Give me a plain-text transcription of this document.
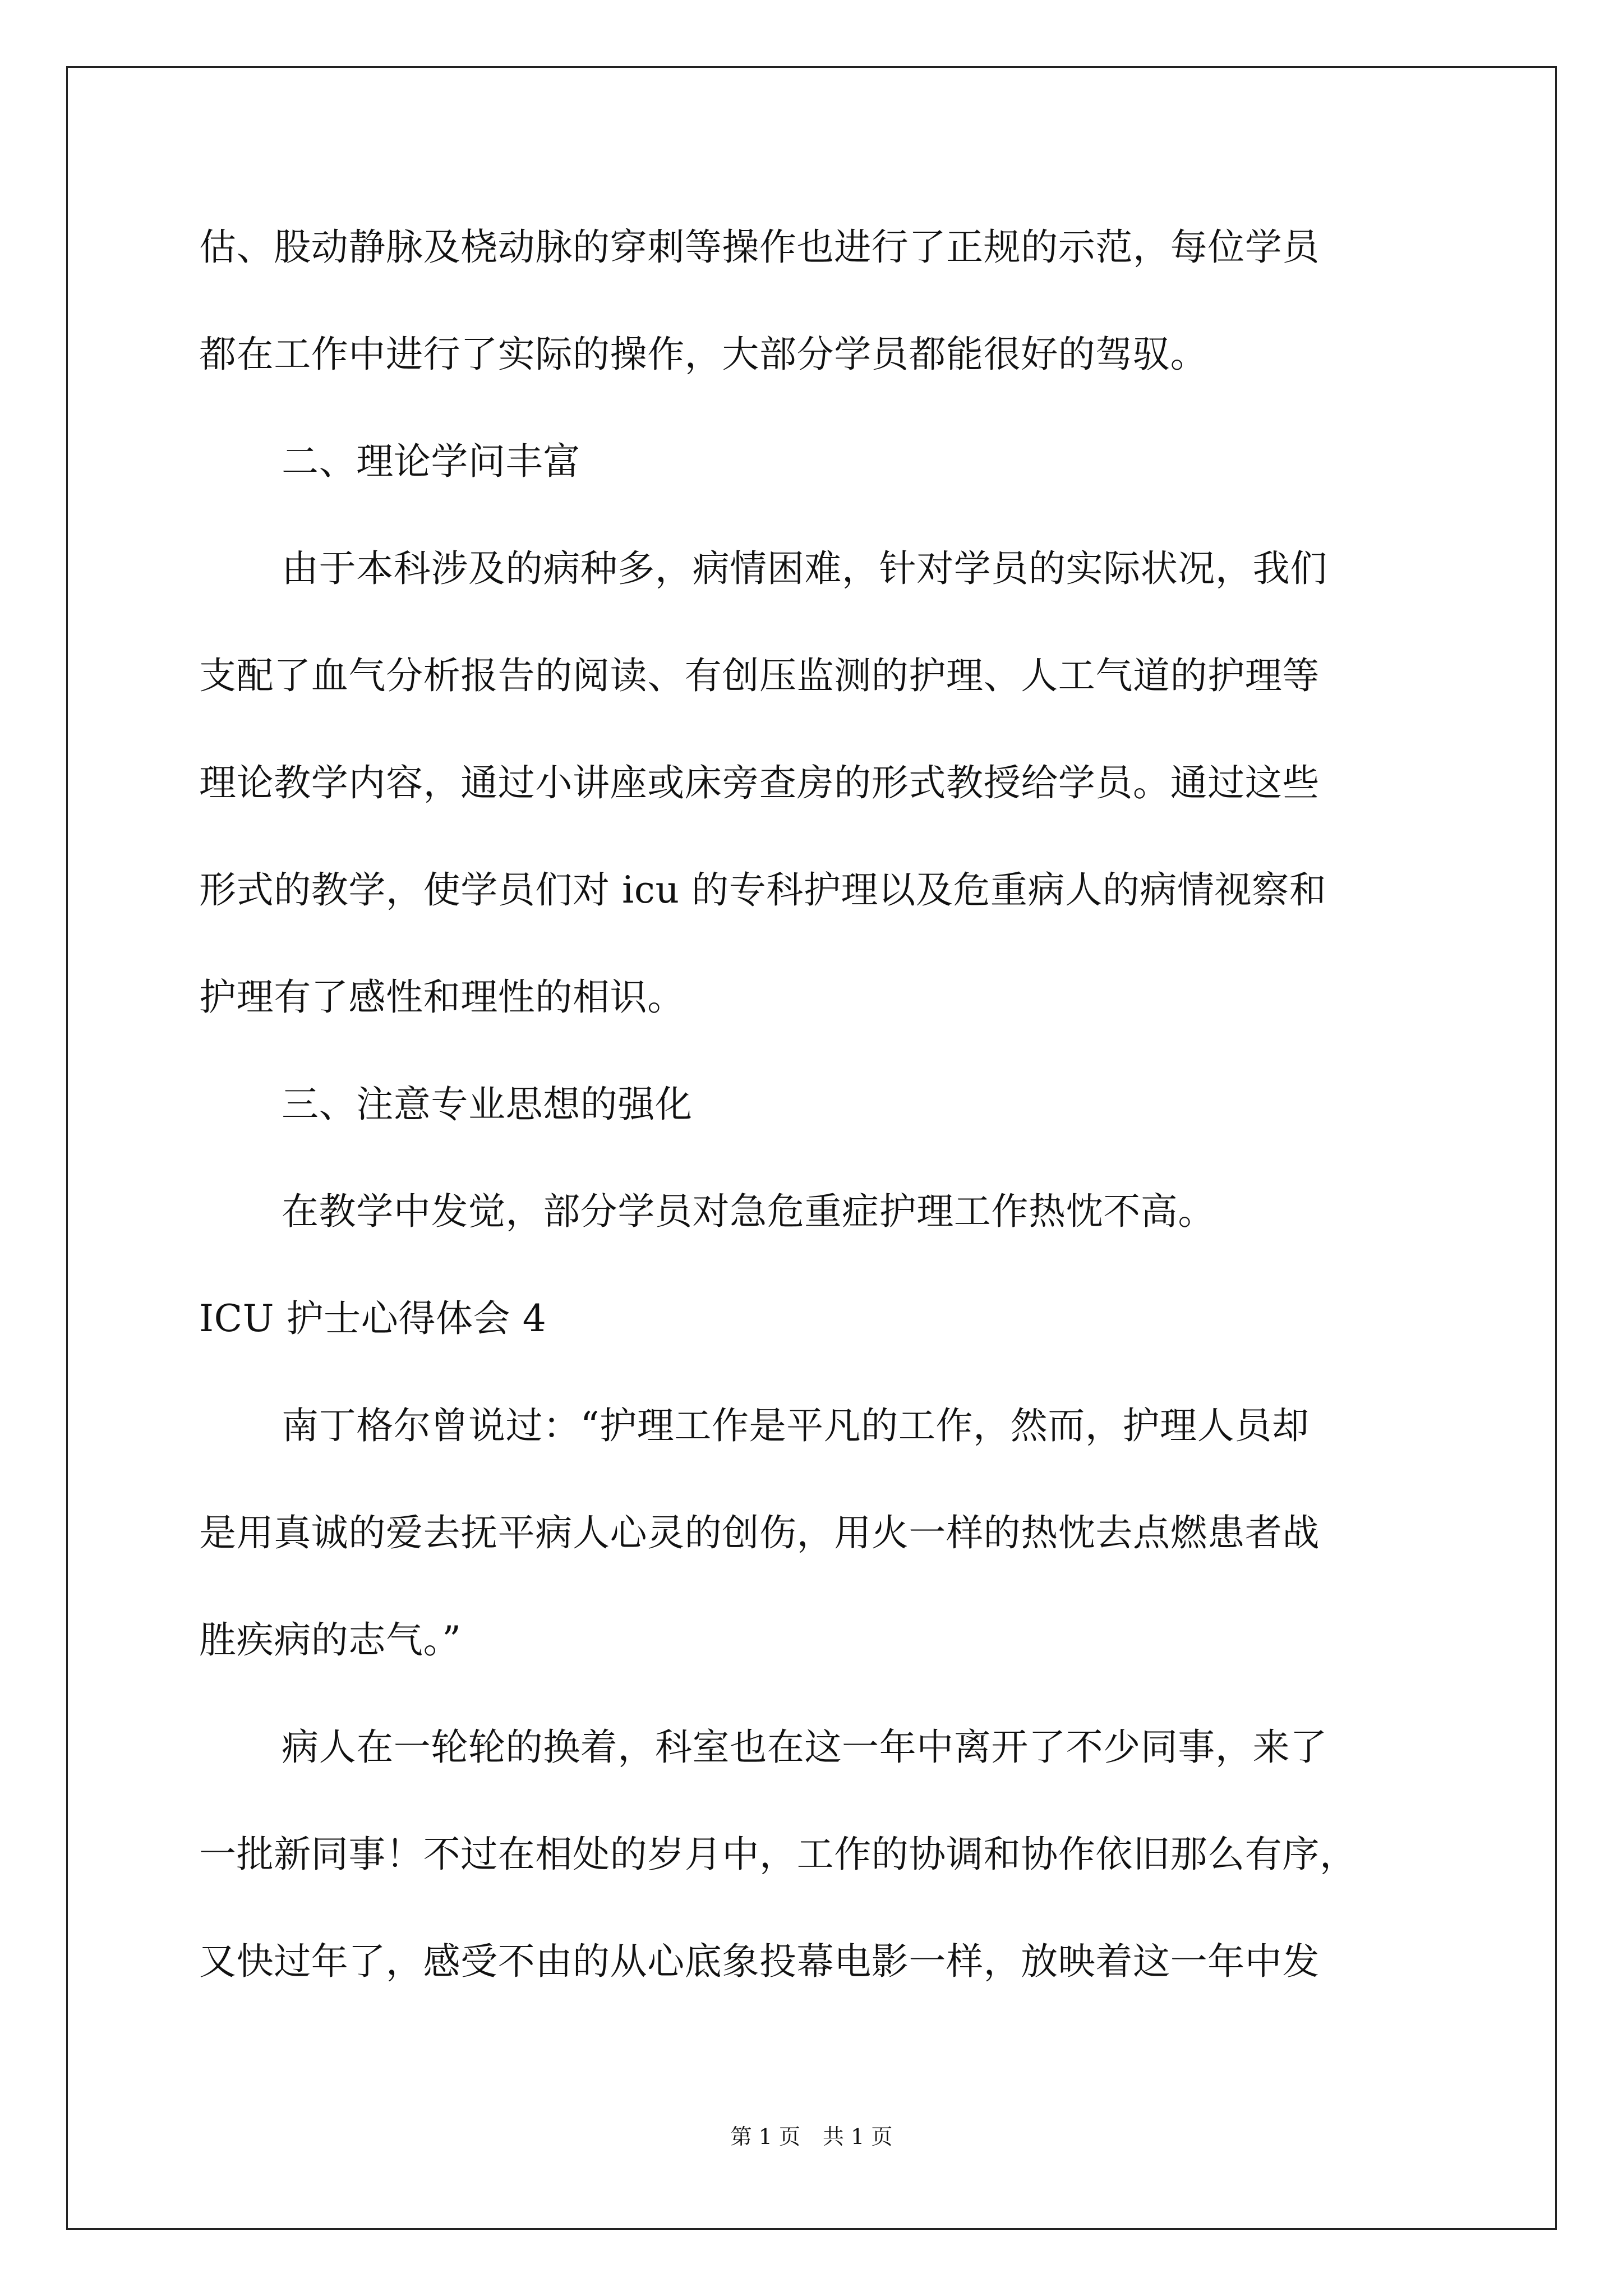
估、股动静脉及桡动脉的穿刺等操作也进行了正规的示范，每位学员
都在工作中进行了实际的操作，大部分学员都能很好的驾驭。
二、理论学问丰富
由于本科涉及的病种多，病情困难，针对学员的实际状况，我们
支配了血气分析报告的阅读、有创压监测的护理、人工气道的护理等
理论教学内容，通过小讲座或床旁查房的形式教授给学员。通过这些
形式的教学，使学员们对 icu 的专科护理以及危重病人的病情视察和
护理有了感性和理性的相识。
三、注意专业思想的强化
在教学中发觉，部分学员对急危重症护理工作热忱不高。
ICU 护士心得体会 4
南丁格尔曾说过：“护理工作是平凡的工作，然而，护理人员却
是用真诚的爱去抚平病人心灵的创伤，用火一样的热忱去点燃患者战
胜疾病的志气。”
病人在一轮轮的换着，科室也在这一年中离开了不少同事，来了
一批新同事！不过在相处的岁月中，工作的协调和协作依旧那么有序，
又快过年了，感受不由的从心底象投幕电影一样，放映着这一年中发
第 1 页 共 1 页
